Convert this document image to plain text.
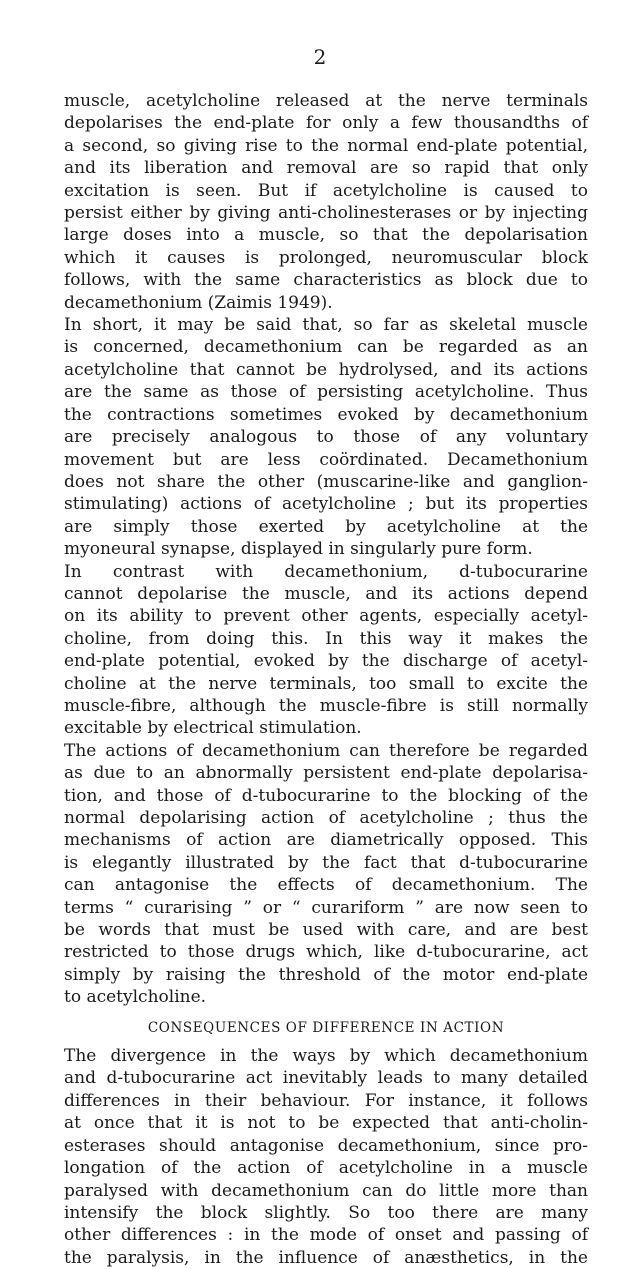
2
muscle, acetylcholine released at the nerve terminals
depolarises the end-plate for only a few thousandths of
a second, so giving rise to the normal end-plate potential,
and its liberation and removal are so rapid that only
excitation is seen. But if acetylcholine is caused to
persist either by giving anti-cholinesterases or by injecting
large doses into a muscle, so that the depolarisation
which it causes is prolonged, neuromuscular block
follows, with the same characteristics as block due to
decamethonium (Zaimis 1949).
In short, it may be said that, so far as skeletal muscle
is concerned, decamethonium can be regarded as an
acetylcholine that cannot be hydrolysed, and its actions
are the same as those of persisting acetylcholine. Thus
the contractions sometimes evoked by decamethonium
are precisely analogous to those of any voluntary
movement but are less coördinated. Decamethonium
does not share the other (muscarine-like and ganglion-
stimulating) actions of acetylcholine ; but its properties
are simply those exerted by acetylcholine at the
myoneural synapse, displayed in singularly pure form.
In contrast with decamethonium, d-tubocurarine
cannot depolarise the muscle, and its actions depend
on its ability to prevent other agents, especially acetyl-
choline, from doing this. In this way it makes the
end-plate potential, evoked by the discharge of acetyl-
choline at the nerve terminals, too small to excite the
muscle-fibre, although the muscle-fibre is still normally
excitable by electrical stimulation.
The actions of decamethonium can therefore be regarded
as due to an abnormally persistent end-plate depolarisa-
tion, and those of d-tubocurarine to the blocking of the
normal depolarising action of acetylcholine ; thus the
mechanisms of action are diametrically opposed. This
is elegantly illustrated by the fact that d-tubocurarine
can antagonise the effects of decamethonium. The
terms “ curarising ” or “ curariform ” are now seen to
be words that must be used with care, and are best
restricted to those drugs which, like d-tubocurarine, act
simply by raising the threshold of the motor end-plate
to acetylcholine.
CONSEQUENCES OF DIFFERENCE IN ACTION
The divergence in the ways by which decamethonium
and d-tubocurarine act inevitably leads to many detailed
differences in their behaviour. For instance, it follows
at once that it is not to be expected that anti-cholin-
esterases should antagonise decamethonium, since pro-
longation of the action of acetylcholine in a muscle
paralysed with decamethonium can do little more than
intensify the block slightly. So too there are many
other differences : in the mode of onset and passing of
the paralysis, in the influence of anæsthetics, in the
